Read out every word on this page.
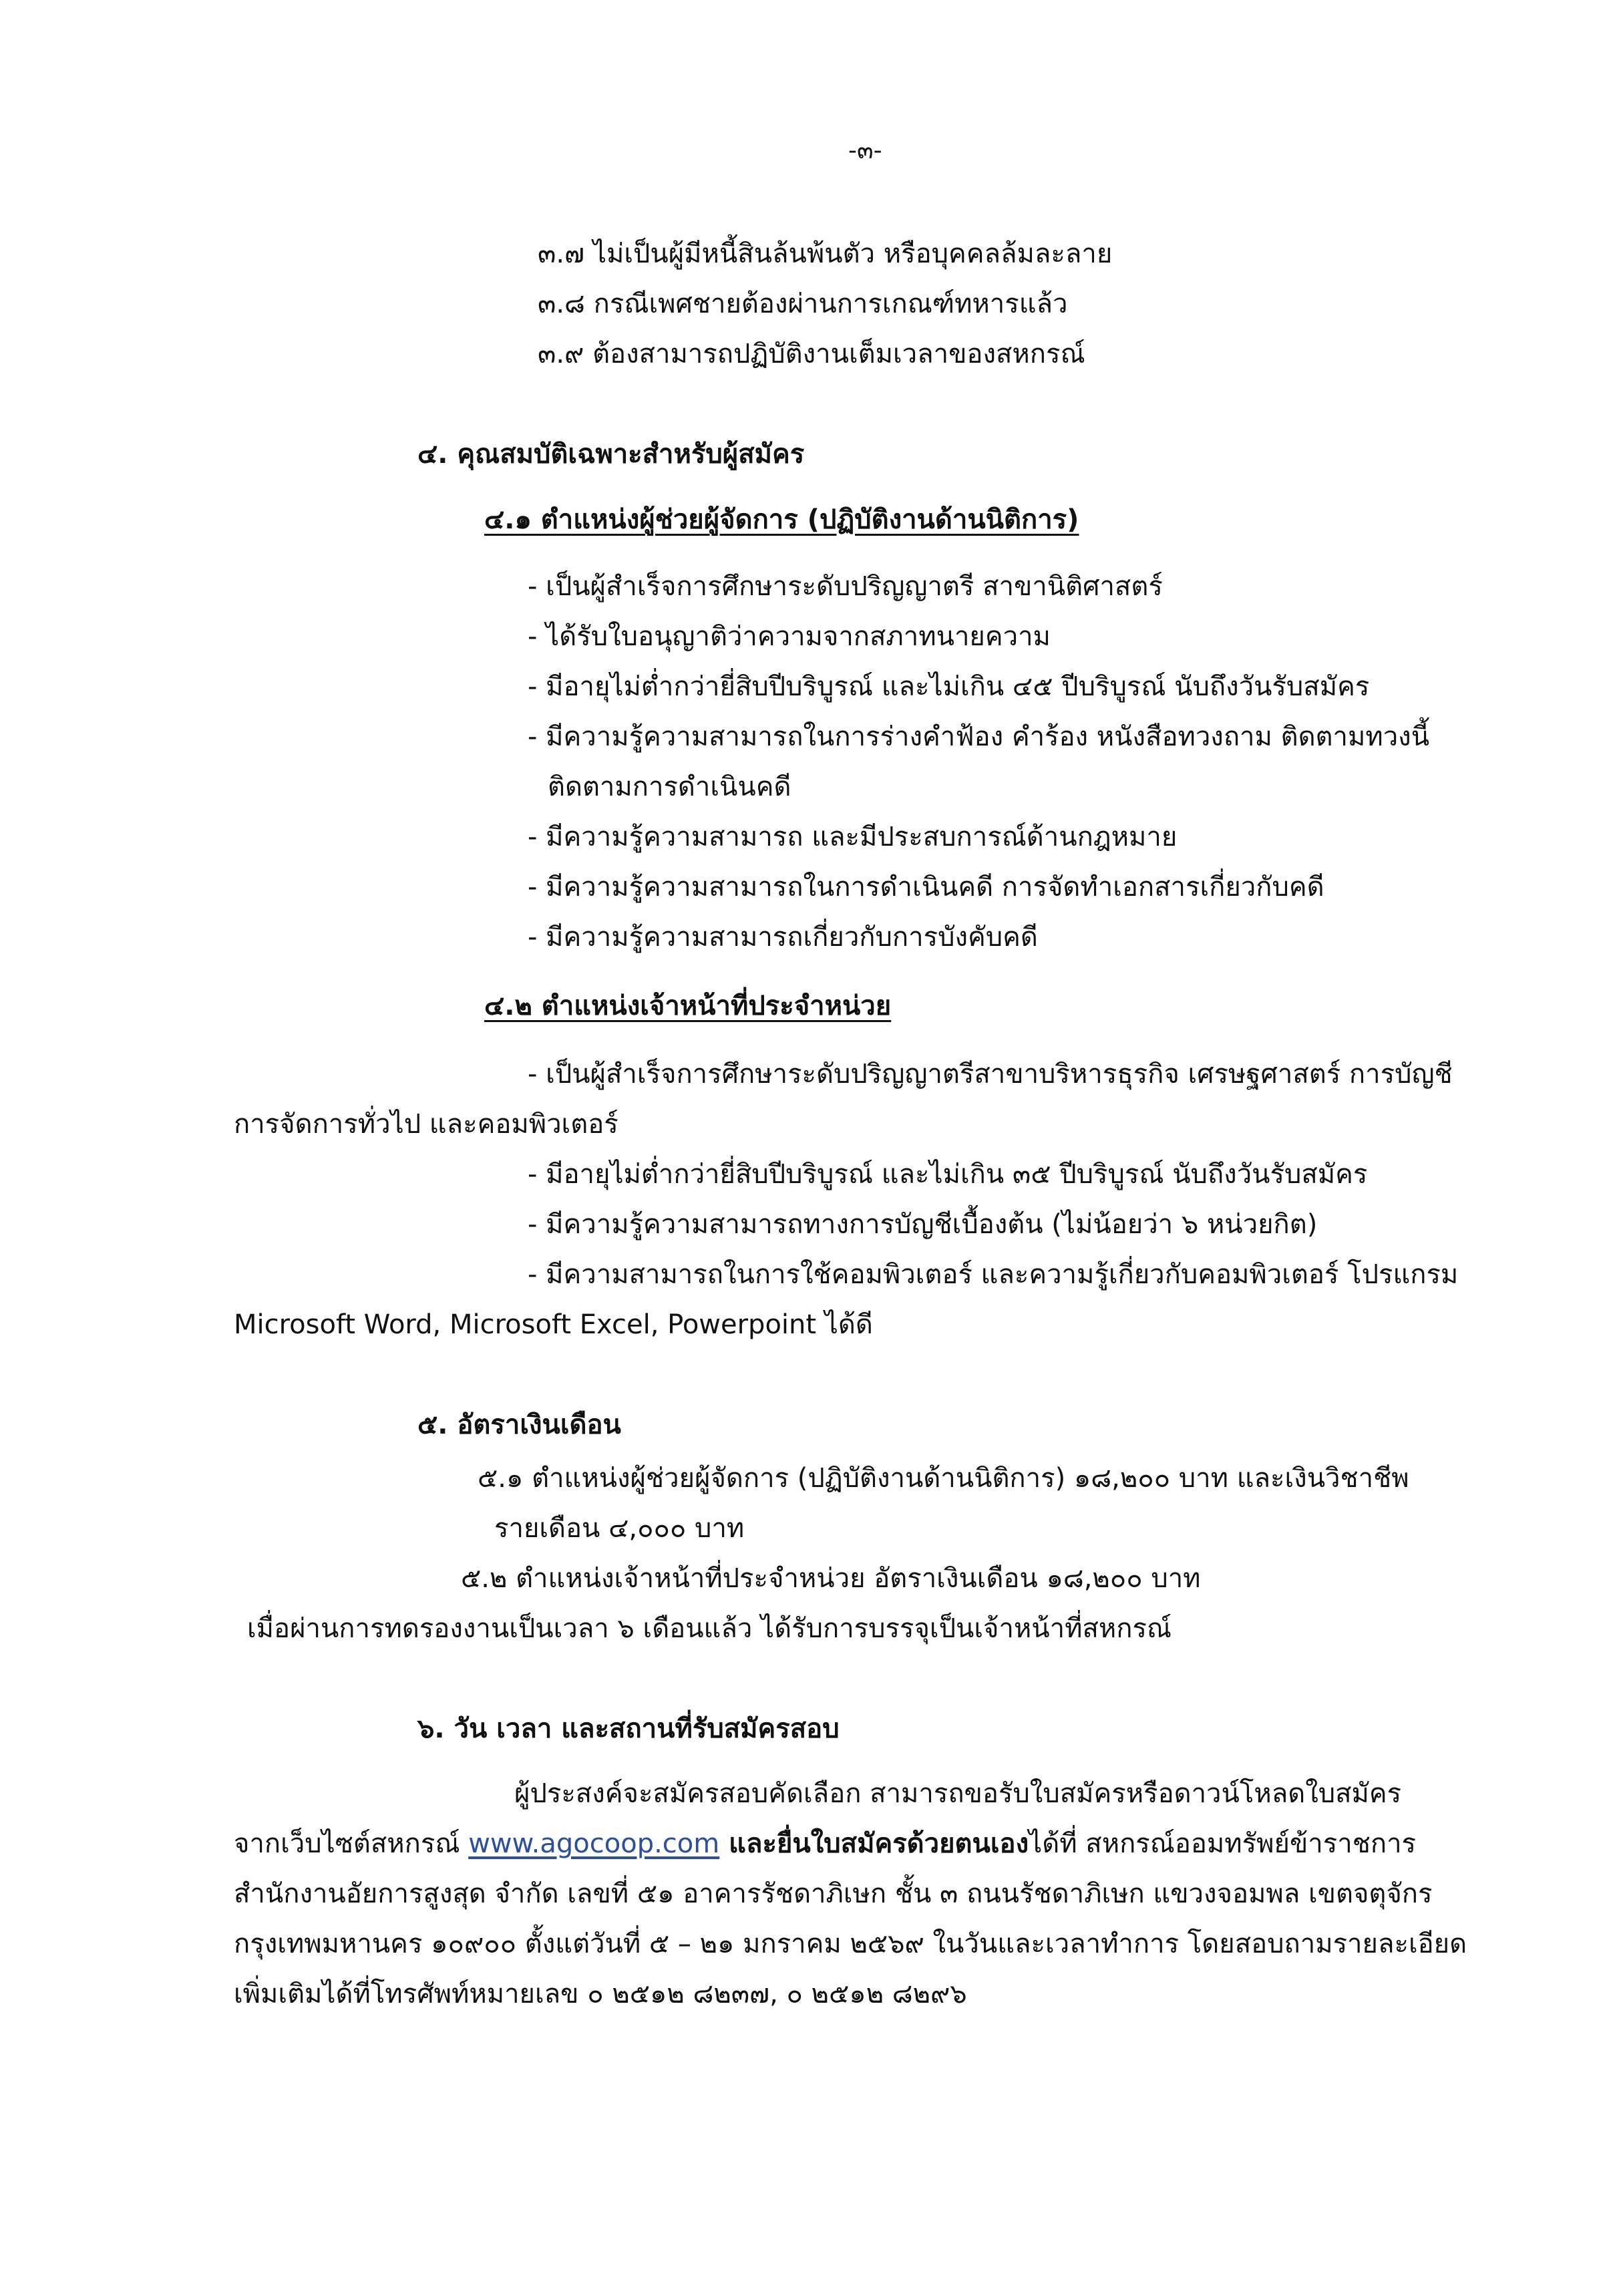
-๓-

๓.๗ ไม่เป็นผู้มีหนี้สินล้นพ้นตัว หรือบุคคลล้มละลาย

๓.๘ กรณีเพศชายต้องผ่านการเกณฑ์ทหารแล้ว

๓.๙ ต้องสามารถปฏิบัติงานเต็มเวลาของสหกรณ์

๔. คุณสมบัติเฉพาะสำหรับผู้สมัคร

๔.๑ ตำแหน่งผู้ช่วยผู้จัดการ (ปฏิบัติงานด้านนิติการ)

- เป็นผู้สำเร็จการศึกษาระดับปริญญาตรี สาขานิติศาสตร์

- ได้รับใบอนุญาติว่าความจากสภาทนายความ

- มีอายุไม่ต่ำกว่ายี่สิบปีบริบูรณ์ และไม่เกิน ๔๕ ปีบริบูรณ์ นับถึงวันรับสมัคร

- มีความรู้ความสามารถในการร่างคำฟ้อง คำร้อง หนังสือทวงถาม ติดตามทวงนี้

ติดตามการดำเนินคดี

- มีความรู้ความสามารถ และมีประสบการณ์ด้านกฎหมาย

- มีความรู้ความสามารถในการดำเนินคดี การจัดทำเอกสารเกี่ยวกับคดี

- มีความรู้ความสามารถเกี่ยวกับการบังคับคดี

๔.๒ ตำแหน่งเจ้าหน้าที่ประจำหน่วย

- เป็นผู้สำเร็จการศึกษาระดับปริญญาตรีสาขาบริหารธุรกิจ เศรษฐศาสตร์ การบัญชี

การจัดการทั่วไป และคอมพิวเตอร์

- มีอายุไม่ต่ำกว่ายี่สิบปีบริบูรณ์ และไม่เกิน ๓๕ ปีบริบูรณ์ นับถึงวันรับสมัคร

- มีความรู้ความสามารถทางการบัญชีเบื้องต้น (ไม่น้อยว่า ๖ หน่วยกิต)

- มีความสามารถในการใช้คอมพิวเตอร์ และความรู้เกี่ยวกับคอมพิวเตอร์ โปรแกรม

Microsoft Word, Microsoft Excel, Powerpoint ได้ดี

๕. อัตราเงินเดือน

๕.๑ ตำแหน่งผู้ช่วยผู้จัดการ (ปฏิบัติงานด้านนิติการ) ๑๘,๒๐๐ บาท และเงินวิชาชีพ

รายเดือน ๔,๐๐๐ บาท

๕.๒ ตำแหน่งเจ้าหน้าที่ประจำหน่วย อัตราเงินเดือน ๑๘,๒๐๐ บาท

เมื่อผ่านการทดรองงานเป็นเวลา ๖ เดือนแล้ว ได้รับการบรรจุเป็นเจ้าหน้าที่สหกรณ์

๖. วัน เวลา และสถานที่รับสมัครสอบ

ผู้ประสงค์จะสมัครสอบคัดเลือก สามารถขอรับใบสมัครหรือดาวน์โหลดใบสมัคร

จากเว็บไซต์สหกรณ์ www.agocoop.com และยื่นใบสมัครด้วยตนเองได้ที่ สหกรณ์ออมทรัพย์ข้าราชการ

สำนักงานอัยการสูงสุด จำกัด เลขที่ ๕๑ อาคารรัชดาภิเษก ชั้น ๓ ถนนรัชดาภิเษก แขวงจอมพล เขตจตุจักร

กรุงเทพมหานคร ๑๐๙๐๐ ตั้งแต่วันที่ ๕ – ๒๑ มกราคม ๒๕๖๙ ในวันและเวลาทำการ โดยสอบถามรายละเอียด

เพิ่มเติมได้ที่โทรศัพท์หมายเลข ๐ ๒๕๑๒ ๘๒๓๗, ๐ ๒๕๑๒ ๘๒๙๖
